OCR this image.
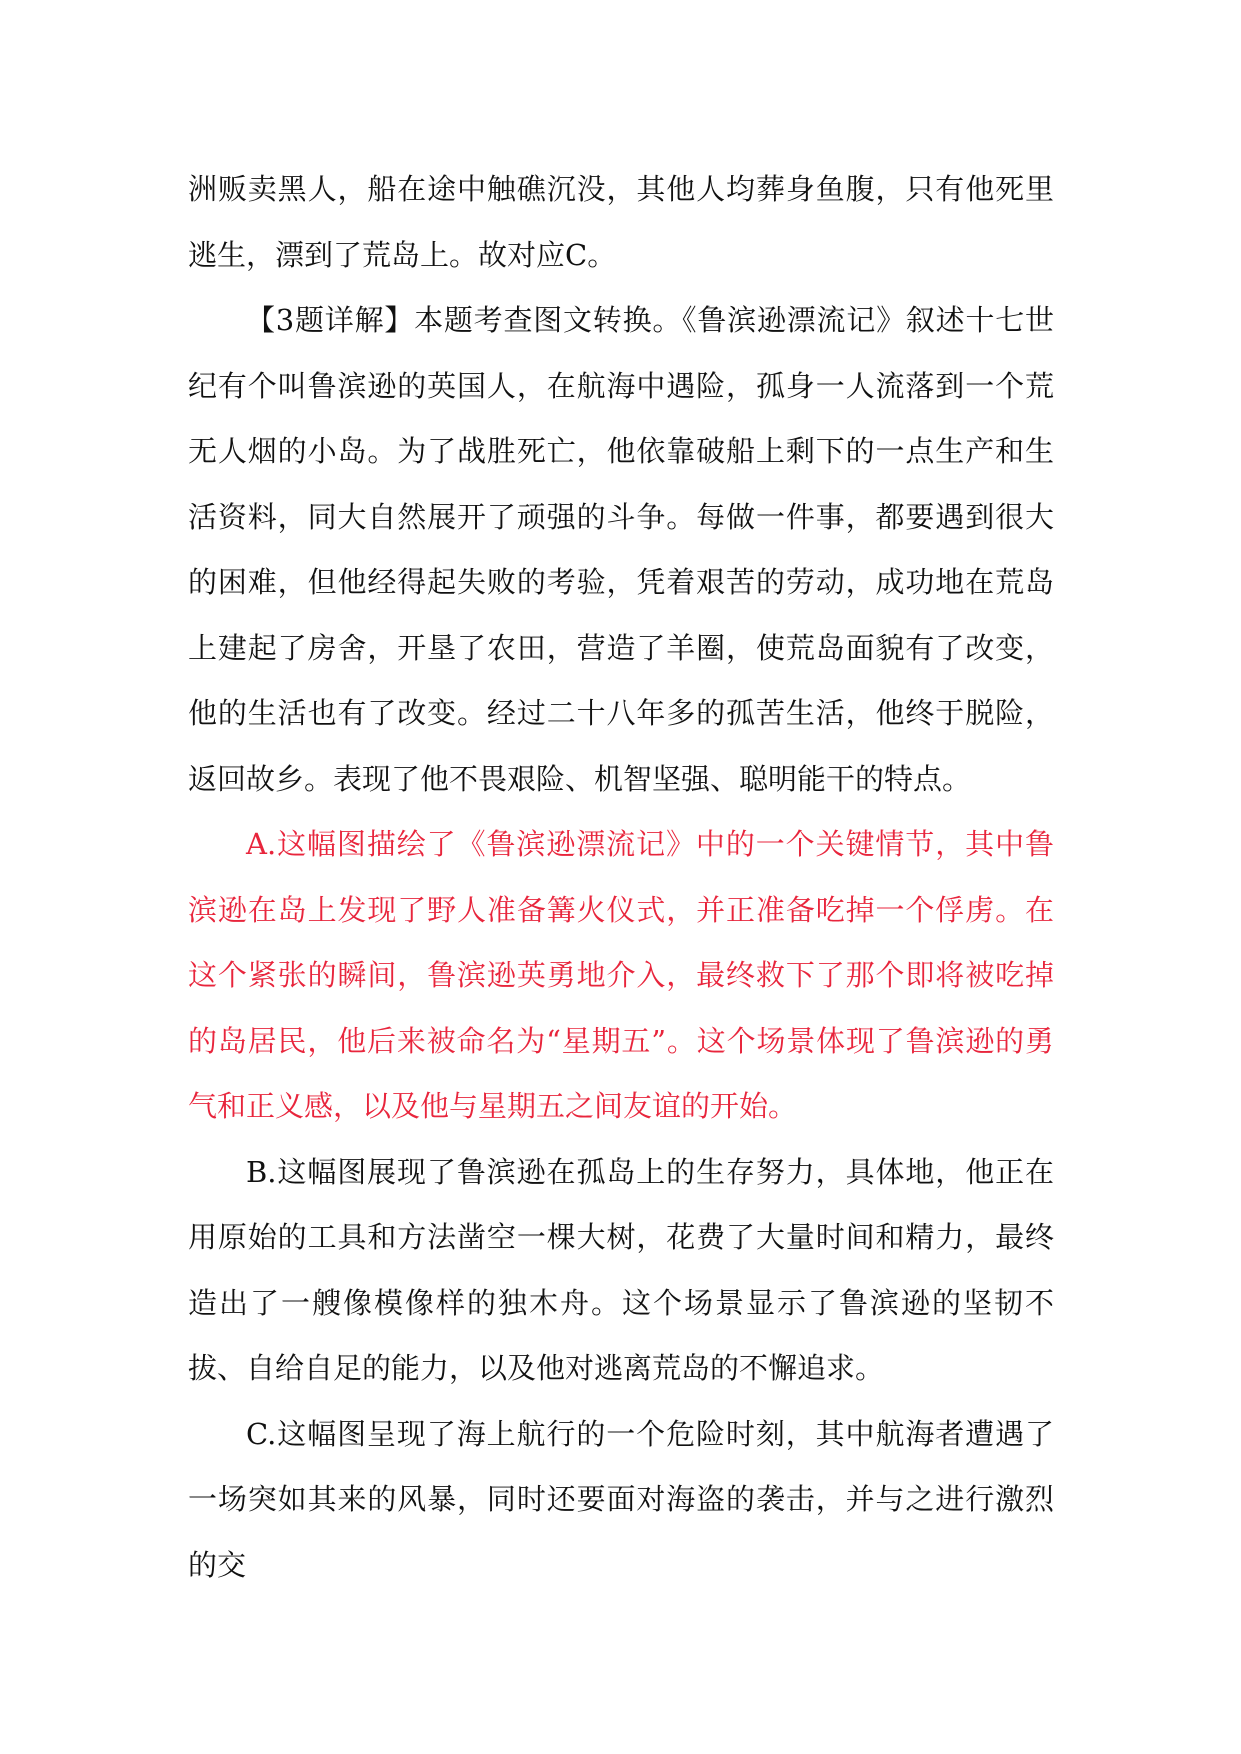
洲贩卖黑人，船在途中触礁沉没，其他人均葬身鱼腹，只有他死里逃生，漂到了荒岛上。故对应C。

【3题详解】本题考查图文转换。《鲁滨逊漂流记》叙述十七世纪有个叫鲁滨逊的英国人，在航海中遇险，孤身一人流落到一个荒无人烟的小岛。为了战胜死亡，他依靠破船上剩下的一点生产和生活资料，同大自然展开了顽强的斗争。每做一件事，都要遇到很大的困难，但他经得起失败的考验，凭着艰苦的劳动，成功地在荒岛上建起了房舍，开垦了农田，营造了羊圈，使荒岛面貌有了改变，他的生活也有了改变。经过二十八年多的孤苦生活，他终于脱险，返回故乡。表现了他不畏艰险、机智坚强、聪明能干的特点。

A.这幅图描绘了《鲁滨逊漂流记》中的一个关键情节，其中鲁滨逊在岛上发现了野人准备篝火仪式，并正准备吃掉一个俘虏。在这个紧张的瞬间，鲁滨逊英勇地介入，最终救下了那个即将被吃掉的岛居民，他后来被命名为“星期五”。这个场景体现了鲁滨逊的勇气和正义感，以及他与星期五之间友谊的开始。

B.这幅图展现了鲁滨逊在孤岛上的生存努力，具体地，他正在用原始的工具和方法凿空一棵大树，花费了大量时间和精力，最终造出了一艘像模像样的独木舟。这个场景显示了鲁滨逊的坚韧不拔、自给自足的能力，以及他对逃离荒岛的不懈追求。

C.这幅图呈现了海上航行的一个危险时刻，其中航海者遭遇了一场突如其来的风暴，同时还要面对海盗的袭击，并与之进行激烈的交
